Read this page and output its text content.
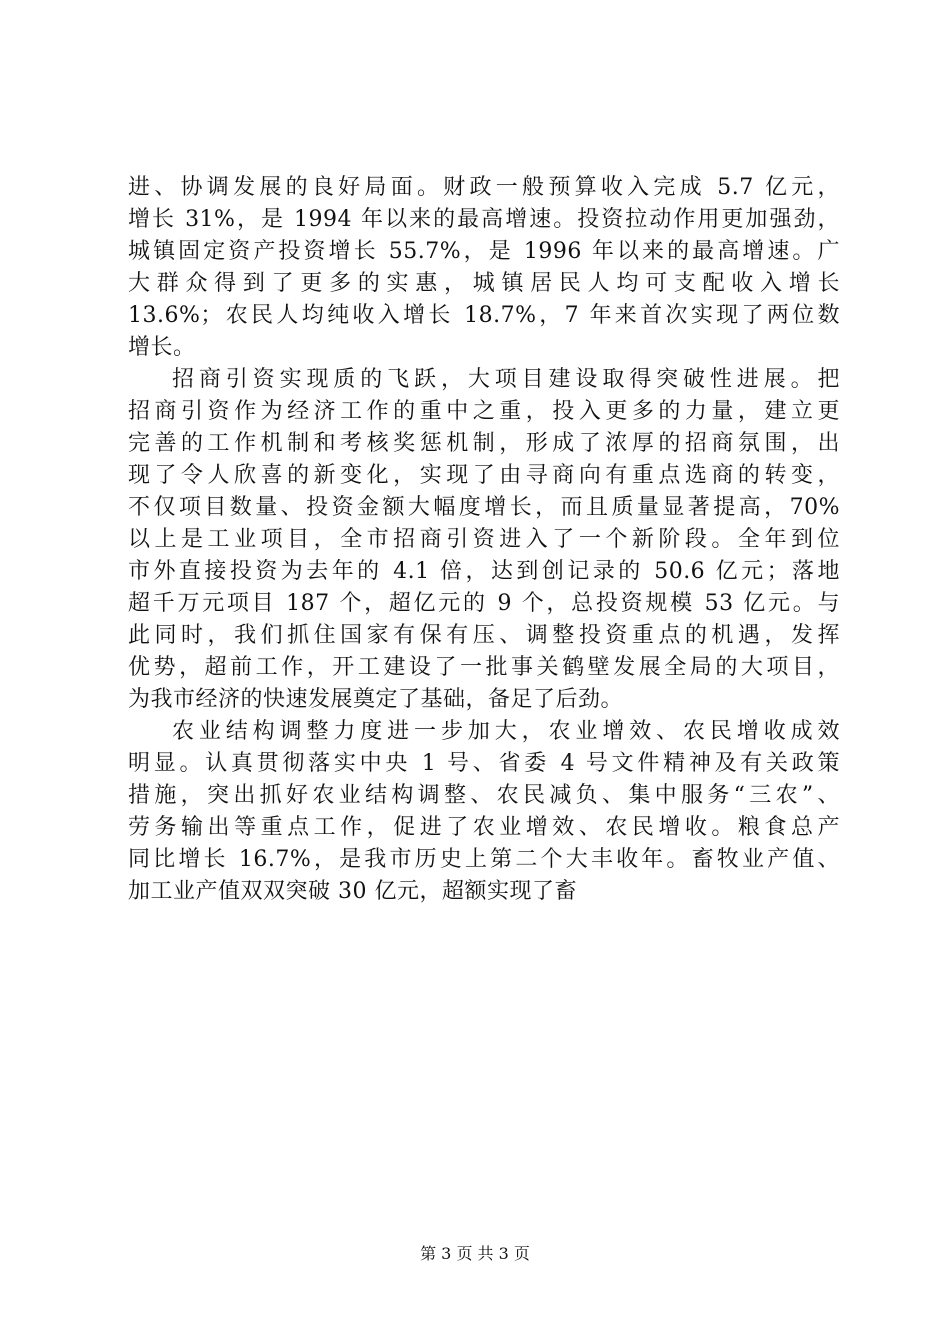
进、协调发展的良好局面。财政一般预算收入完成 5.7 亿元，
增长 31%，是 1994 年以来的最高增速。投资拉动作用更加强劲，
城镇固定资产投资增长 55.7%，是 1996 年以来的最高增速。广
大群众得到了更多的实惠，城镇居民人均可支配收入增长
13.6%；农民人均纯收入增长 18.7%，7 年来首次实现了两位数
增长。
招商引资实现质的飞跃，大项目建设取得突破性进展。把
招商引资作为经济工作的重中之重，投入更多的力量，建立更
完善的工作机制和考核奖惩机制，形成了浓厚的招商氛围，出
现了令人欣喜的新变化，实现了由寻商向有重点选商的转变，
不仅项目数量、投资金额大幅度增长，而且质量显著提高，70%
以上是工业项目，全市招商引资进入了一个新阶段。全年到位
市外直接投资为去年的 4.1 倍，达到创记录的 50.6 亿元；落地
超千万元项目 187 个，超亿元的 9 个，总投资规模 53 亿元。与
此同时，我们抓住国家有保有压、调整投资重点的机遇，发挥
优势，超前工作，开工建设了一批事关鹤壁发展全局的大项目，
为我市经济的快速发展奠定了基础，备足了后劲。
农业结构调整力度进一步加大，农业增效、农民增收成效
明显。认真贯彻落实中央 1 号、省委 4 号文件精神及有关政策
措施，突出抓好农业结构调整、农民减负、集中服务“三农”、
劳务输出等重点工作，促进了农业增效、农民增收。粮食总产
同比增长 16.7%，是我市历史上第二个大丰收年。畜牧业产值、
加工业产值双双突破 30 亿元，超额实现了畜
第 3 页 共 3 页
